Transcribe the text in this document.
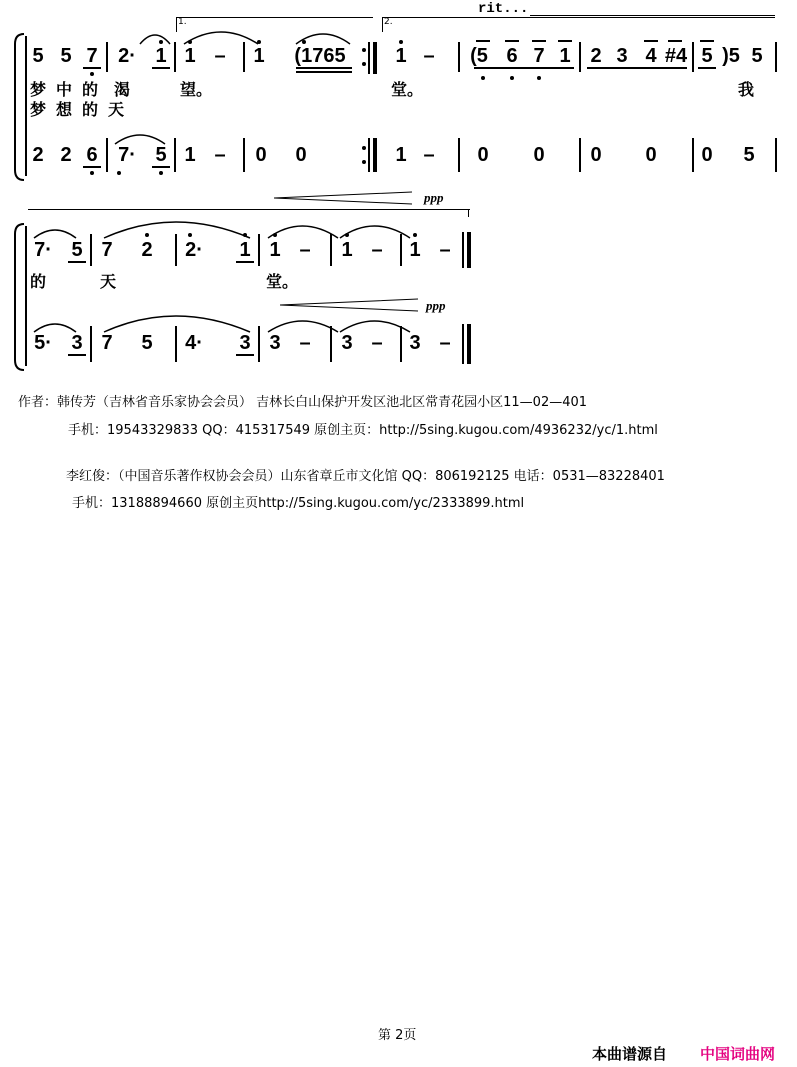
rit...
1.	2.
5 5 7	2· 1 1 – 1	(1765	1 – (5 6 7 1 2 3 4 #4 5 )5 5
梦 中 的 渴	望。	堂。	我
梦 想 的 天
2 2 6	7· 5 1 – 0 0	1 – 0 0 0 0 0 5
ppp
7· 5 7 2 2· 1 1 – 1 – 1 –
的	天	堂。
ppp
5· 3 7 5 4· 3 3 – 3 – 3 –
作者：韩传芳（吉林省音乐家协会会员） 吉林长白山保护开发区池北区常青花园小区11—02—401
手机：19543329833 QQ：415317549 原创主页：http://5sing.kugou.com/4936232/yc/1.html
李红俊：（中国音乐著作权协会会员）山东省章丘市文化馆 QQ：806192125 电话：0531—83228401
手机：13188894660 原创主页http://5sing.kugou.com/yc/2333899.html
第 2页
本曲谱源自 中国词曲网
